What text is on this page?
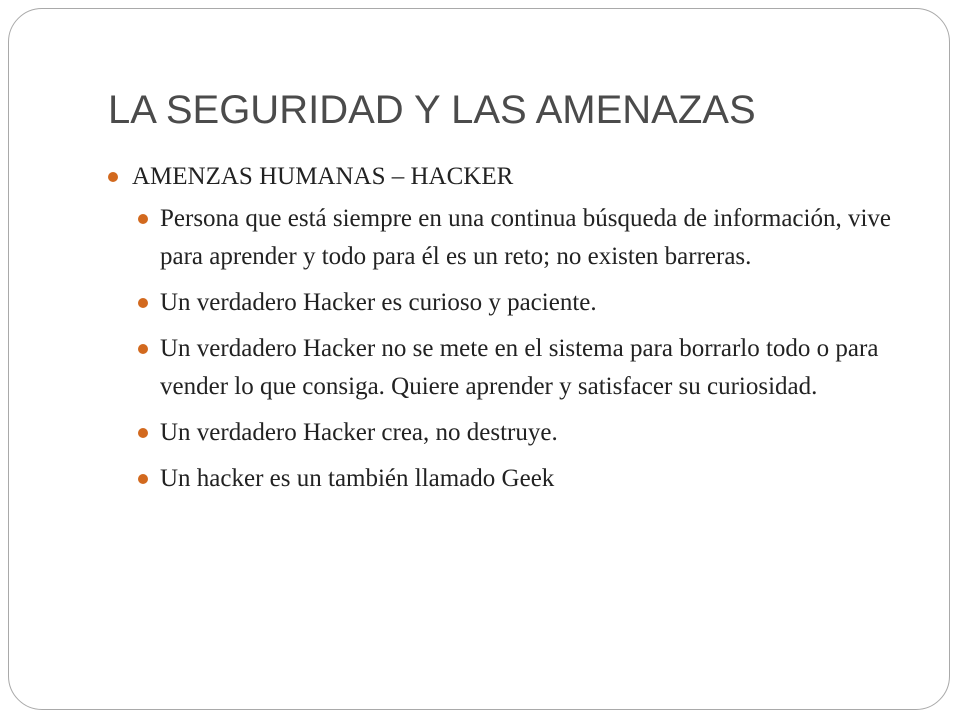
LA SEGURIDAD Y LAS AMENAZAS
AMENZAS HUMANAS – HACKER
Persona que está siempre en una continua búsqueda de información, vive para aprender y todo para él es un reto; no existen barreras.
Un verdadero Hacker es curioso y paciente.
Un verdadero Hacker no se mete en el sistema para borrarlo todo o para vender lo que consiga. Quiere aprender y satisfacer su curiosidad.
Un verdadero Hacker crea, no destruye.
Un hacker es un también llamado Geek
